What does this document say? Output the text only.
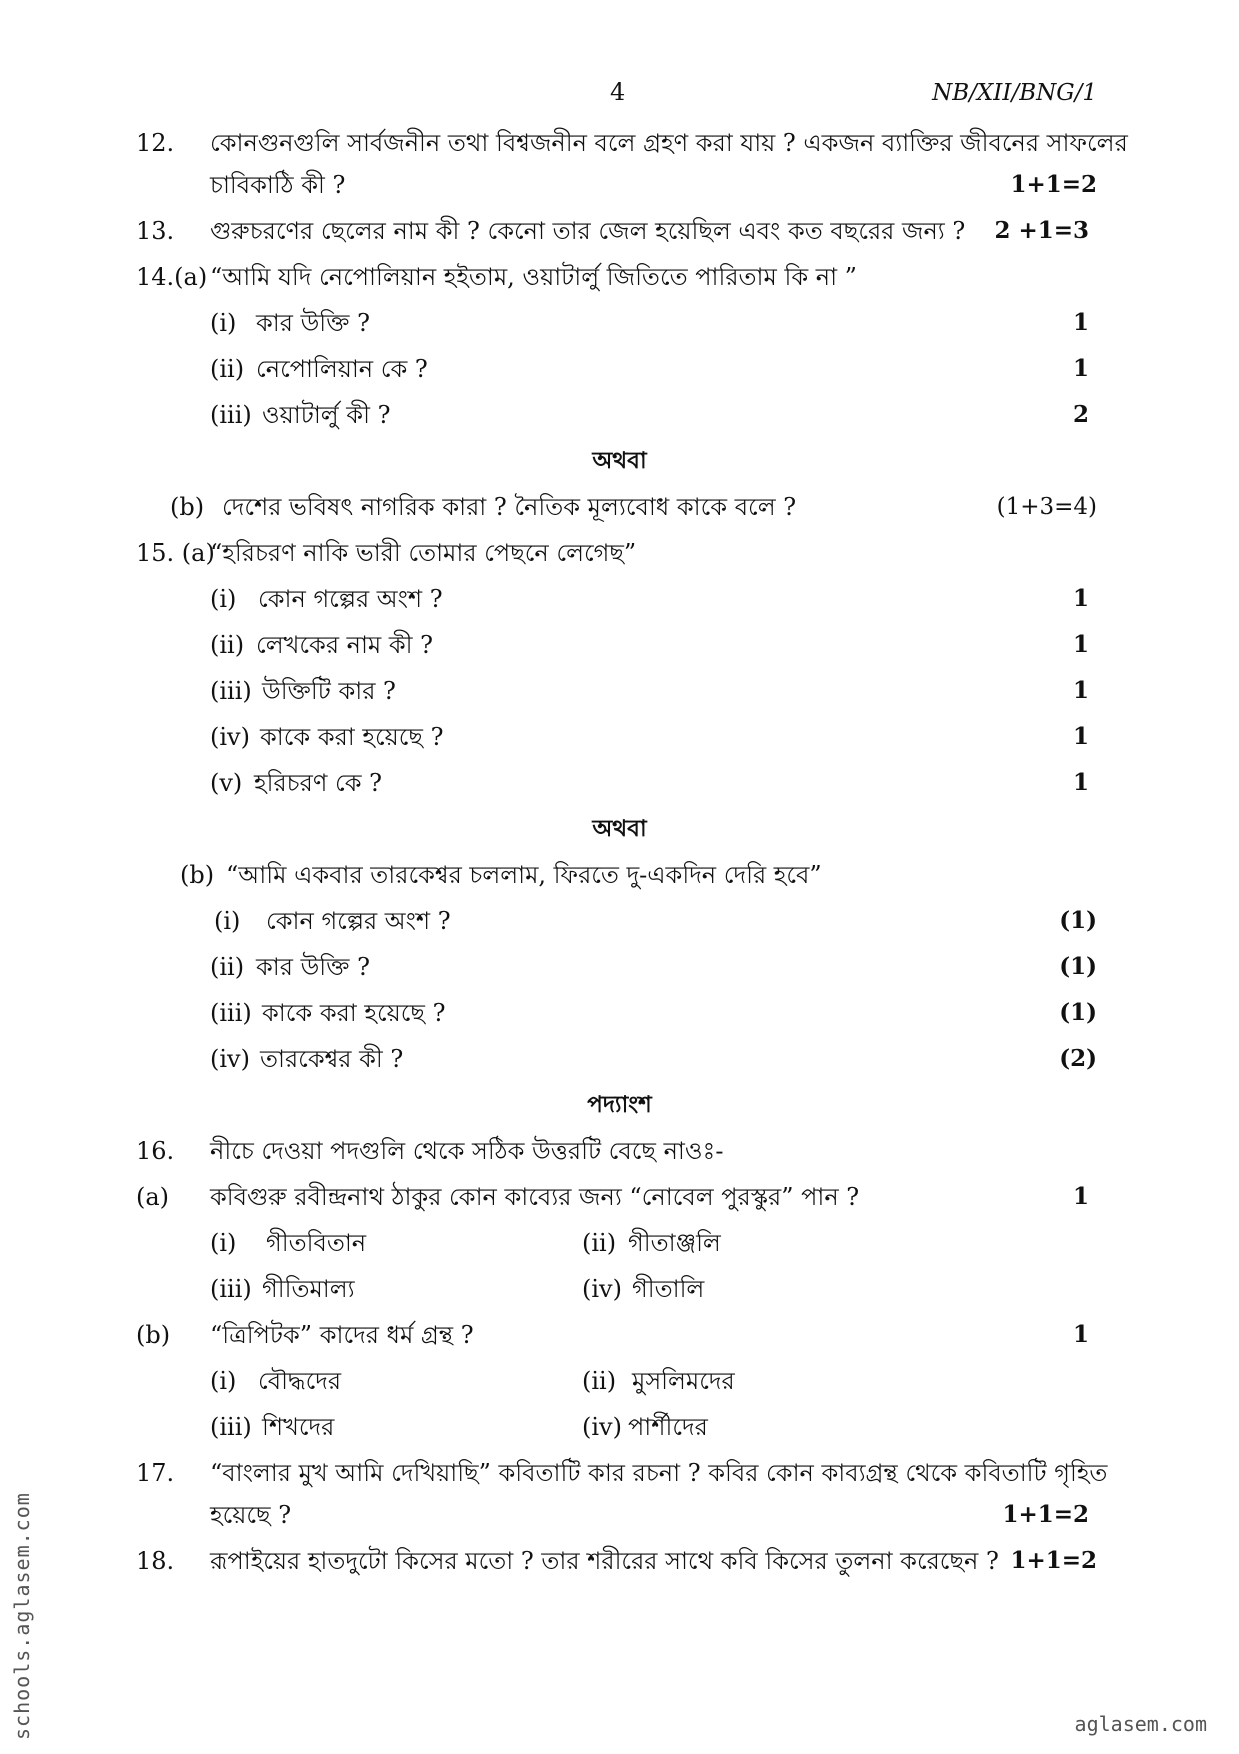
4	NB/XII/BNG/1
12. কোনগুনগুলি সার্বজনীন তথা বিশ্বজনীন বলে গ্রহণ করা যায় ? একজন ব্যাক্তির জীবনের সাফলের
চাবিকাঠি কী ?	1+1=2
13. গুরুচরণের ছেলের নাম কী ? কেনো তার জেল হয়েছিল এবং কত বছরের জন্য ? 2 +1=3
14.(a) “আমি যদি নেপোলিয়ান হইতাম, ওয়াটার্লু জিতিতে পারিতাম কি না ”
(i) কার উক্তি ?	1
(ii) নেপোলিয়ান কে ?	1
(iii) ওয়াটার্লু কী ?	2
অথবা
(b) দেশের ভবিষৎ নাগরিক কারা ? নৈতিক মূল্যবোধ কাকে বলে ?	(1+3=4)
15. (a)
“হরিচরণ নাকি ভারী তোমার পেছনে লেগেছ”
(i) কোন গল্পের অংশ ?	1
(ii) লেখকের নাম কী ?	1
(iii) উক্তিটি কার ?	1
(iv) কাকে করা হয়েছে ?	1
(v) হরিচরণ কে ?	1
অথবা
(b) “আমি একবার তারকেশ্বর চললাম, ফিরতে দু-একদিন দেরি হবে”
(i) কোন গল্পের অংশ ?	(1)
(ii) কার উক্তি ?	(1)
(iii) কাকে করা হয়েছে ?	(1)
(iv) তারকেশ্বর কী ?	(2)
পদ্যাংশ
16. নীচে দেওয়া পদগুলি থেকে সঠিক উত্তরটি বেছে নাওঃ-
(a) কবিগুরু রবীন্দ্রনাথ ঠাকুর কোন কাব্যের জন্য “নোবেল পুরস্কুর” পান ?	1
(i) গীতবিতান	(ii) গীতাঞ্জলি
(iii) গীতিমাল্য	(iv) গীতালি
(b) “ত্রিপিটক” কাদের ধর্ম গ্রন্থ ?	1
(i) বৌদ্ধদের	(ii) মুসলিমদের
(iii) শিখদের	(iv) পার্শীদের
17. “বাংলার মুখ আমি দেখিয়াছি” কবিতাটি কার রচনা ? কবির কোন কাব্যগ্রন্থ থেকে কবিতাটি গৃহিত
হয়েছে ?	1+1=2
18. রূপাইয়ের হাতদুটো কিসের মতো ? তার শরীরের সাথে কবি কিসের তুলনা করেছেন ? 1+1=2
schools.aglasem.com	aglasem.com
